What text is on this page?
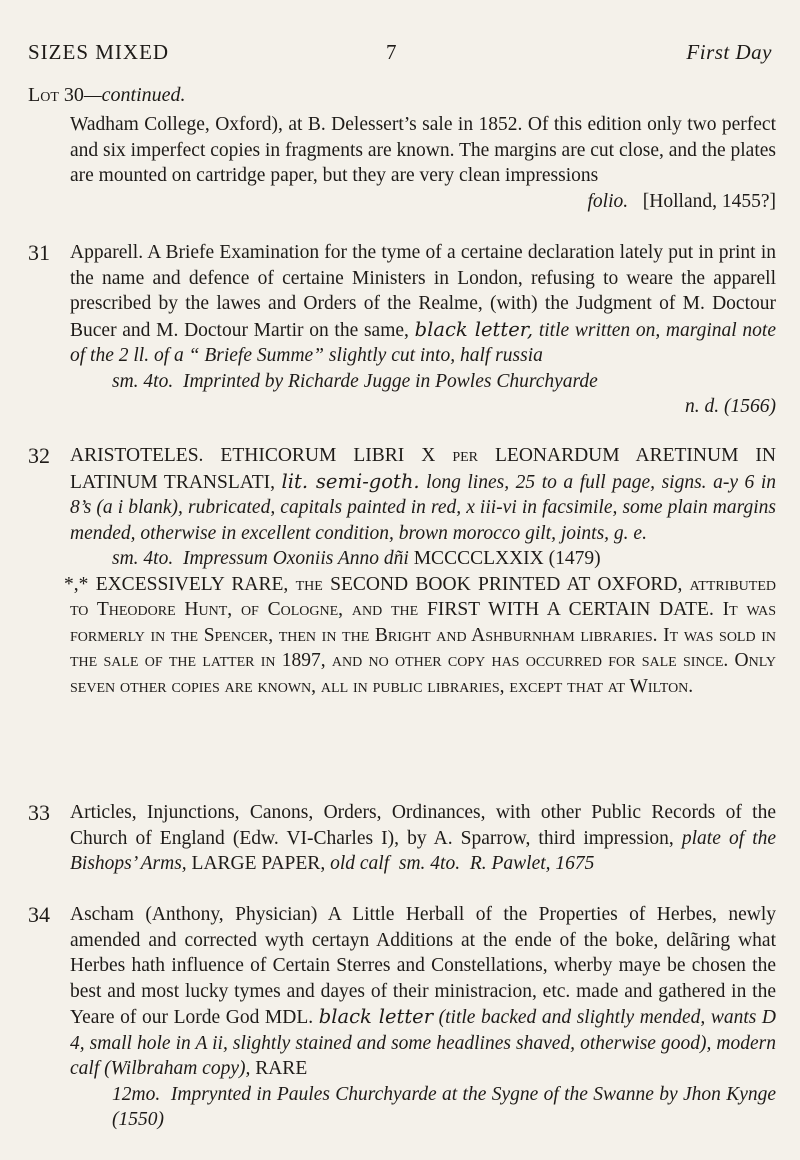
SIZES MIXED	7	First Day
Lot 30—continued.

Wadham College, Oxford), at B. Delessert’s sale in 1852. Of this edition only two perfect and six imperfect copies in fragments are known. The margins are cut close, and the plates are mounted on cartridge paper, but they are very clean impressions

folio. [Holland, 1455?]

31	Apparell. A Briefe Examination for the tyme of a certaine declaration lately put in print in the name and defence of certaine Ministers in London, refusing to weare the apparell prescribed by the lawes and Orders of the Realme, (with) the Judgment of M. Doctour Bucer and M. Doctour Martir on the same, black letter, title written on, marginal note of the 2 ll. of a “ Briefe Summe” slightly cut into, half russia

sm. 4to. Imprinted by Richarde Jugge in Powles Churchyarde

n. d. (1566)

32	ARISTOTELES. ETHICORUM LIBRI X per LEONARDUM ARETINUM IN LATINUM TRANSLATI, lit. semi-goth. long lines, 25 to a full page, signs. a-y 6 in 8’s (a i blank), rubricated, capitals painted in red, x iii-vi in facsimile, some plain margins mended, otherwise in excellent condition, brown morocco gilt, joints, g. e.

sm. 4to. Impressum Oxoniis Anno dñi MCCCCLXXIX (1479)

*,* EXCESSIVELY RARE, the SECOND BOOK PRINTED AT OXFORD, attributed to Theodore Hunt, of Cologne, and the FIRST WITH A CERTAIN DATE. It was formerly in the Spencer, then in the Bright and Ashburnham libraries. It was sold in the sale of the latter in 1897, and no other copy has occurred for sale since. Only seven other copies are known, all in public libraries, except that at Wilton.

33	Articles, Injunctions, Canons, Orders, Ordinances, with other Public Records of the Church of England (Edw. VI-Charles I), by A. Sparrow, third impression, plate of the Bishops’ Arms, LARGE PAPER, old calf sm. 4to. R. Pawlet, 1675

34	Ascham (Anthony, Physician) A Little Herball of the Properties of Herbes, newly amended and corrected wyth certayn Additions at the ende of the boke, delãring what Herbes hath influence of Certain Sterres and Constellations, wherby maye be chosen the best and most lucky tymes and dayes of their ministracion, etc. made and gathered in the Yeare of our Lorde God MDL. black letter (title backed and slightly mended, wants D 4, small hole in A ii, slightly stained and some headlines shaved, otherwise good), modern calf (Wilbraham copy), RARE

12mo. Imprynted in Paules Churchyarde at the Sygne of the Swanne by Jhon Kynge (1550)
